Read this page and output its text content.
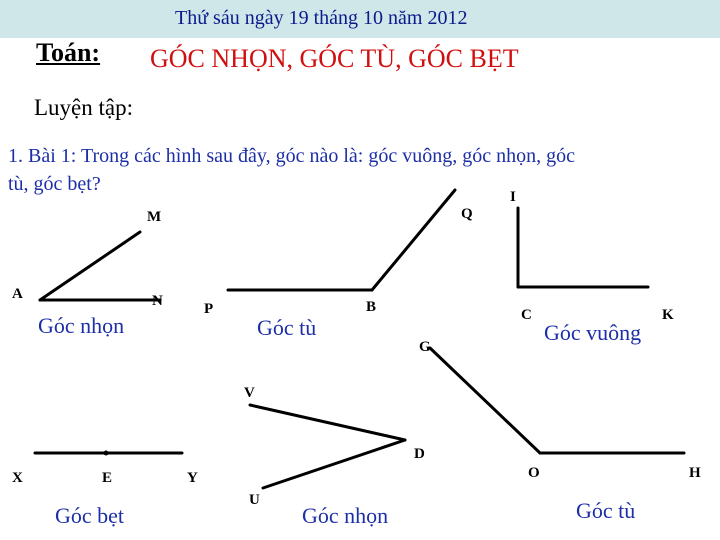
Thứ sáu ngày 19 tháng 10 năm 2012
Toán: GÓC NHỌN, GÓC TÙ, GÓC BẸT
Luyện tập:
1. Bài 1: Trong các hình sau đây, góc nào là: góc vuông, góc nhọn, góc
tù, góc bẹt?
M
A	N
Q
P	B
G
I
C	K
V
D
U
X	E	Y	O	H
Góc nhọn	Góc tù	Góc vuông
Góc bẹt	Góc nhọn	Góc tù
